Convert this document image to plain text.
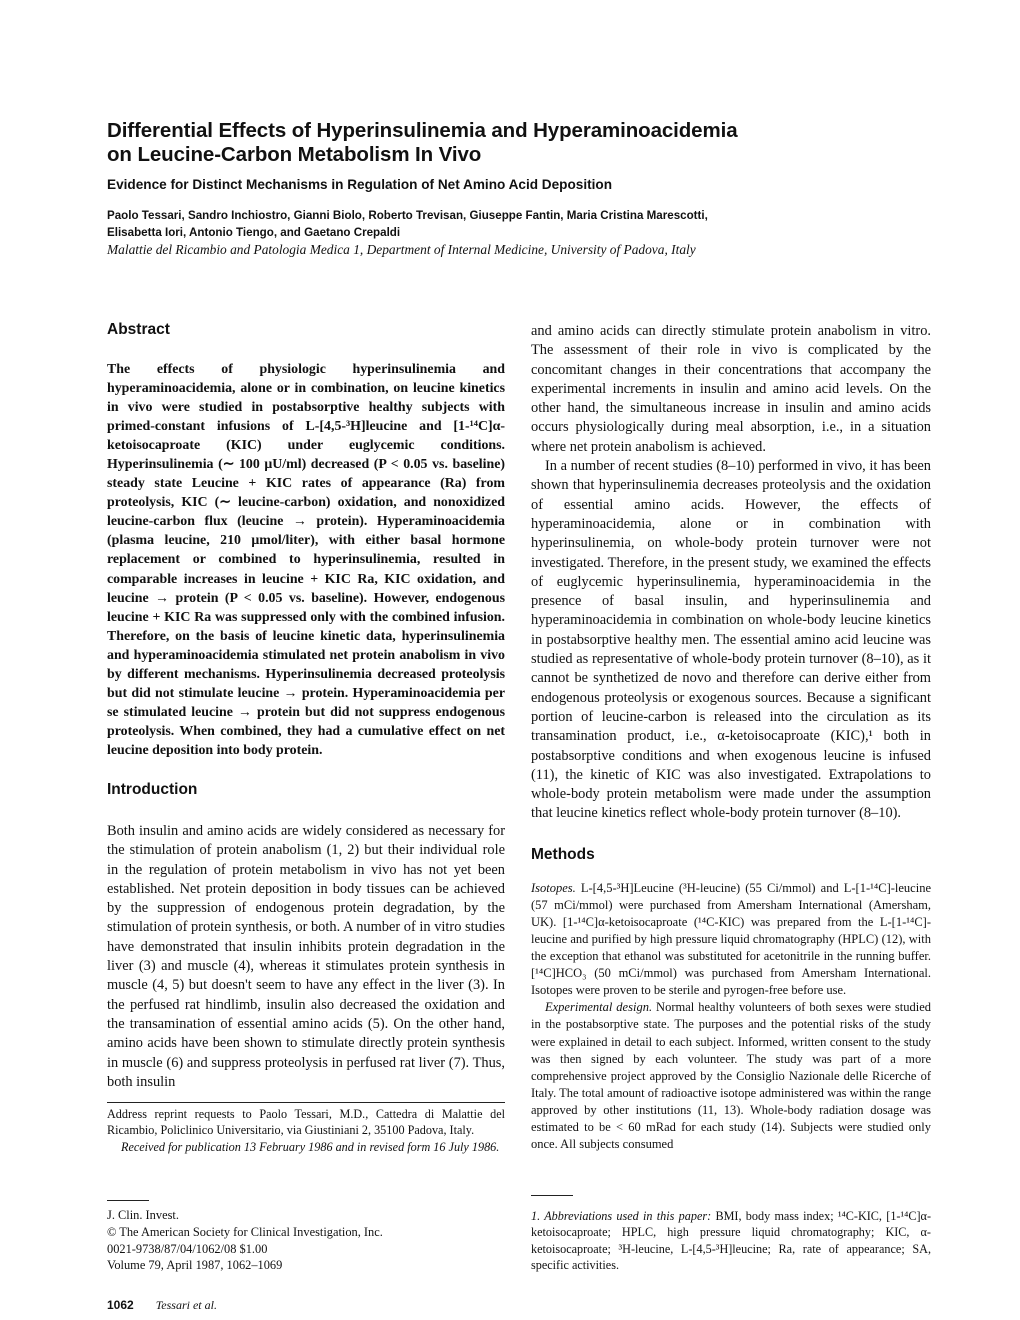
Differential Effects of Hyperinsulinemia and Hyperaminoacidemia
on Leucine-Carbon Metabolism In Vivo
Evidence for Distinct Mechanisms in Regulation of Net Amino Acid Deposition
Paolo Tessari, Sandro Inchiostro, Gianni Biolo, Roberto Trevisan, Giuseppe Fantin, Maria Cristina Marescotti,
Elisabetta Iori, Antonio Tiengo, and Gaetano Crepaldi
Malattie del Ricambio and Patologia Medica 1, Department of Internal Medicine, University of Padova, Italy
Abstract

The effects of physiologic hyperinsulinemia and hyperaminoacidemia, alone or in combination, on leucine kinetics in vivo were studied in postabsorptive healthy subjects with primed-constant infusions of L-[4,5-³H]leucine and [1-¹⁴C]α-ketoisocaproate (KIC) under euglycemic conditions. Hyperinsulinemia (∼ 100 μU/ml) decreased (P < 0.05 vs. baseline) steady state Leucine + KIC rates of appearance (Ra) from proteolysis, KIC (∼ leucine-carbon) oxidation, and nonoxidized leucine-carbon flux (leucine → protein). Hyperaminoacidemia (plasma leucine, 210 μmol/liter), with either basal hormone replacement or combined to hyperinsulinemia, resulted in comparable increases in leucine + KIC Ra, KIC oxidation, and leucine → protein (P < 0.05 vs. baseline). However, endogenous leucine + KIC Ra was suppressed only with the combined infusion. Therefore, on the basis of leucine kinetic data, hyperinsulinemia and hyperaminoacidemia stimulated net protein anabolism in vivo by different mechanisms. Hyperinsulinemia decreased proteolysis but did not stimulate leucine → protein. Hyperaminoacidemia per se stimulated leucine → protein but did not suppress endogenous proteolysis. When combined, they had a cumulative effect on net leucine deposition into body protein.

Introduction

Both insulin and amino acids are widely considered as necessary for the stimulation of protein anabolism (1, 2) but their individual role in the regulation of protein metabolism in vivo has not yet been established. Net protein deposition in body tissues can be achieved by the suppression of endogenous protein degradation, by the stimulation of protein synthesis, or both. A number of in vitro studies have demonstrated that insulin inhibits protein degradation in the liver (3) and muscle (4), whereas it stimulates protein synthesis in muscle (4, 5) but doesn't seem to have any effect in the liver (3). In the perfused rat hindlimb, insulin also decreased the oxidation and the transamination of essential amino acids (5). On the other hand, amino acids have been shown to stimulate directly protein synthesis in muscle (6) and suppress proteolysis in perfused rat liver (7). Thus, both insulin

Address reprint requests to Paolo Tessari, M.D., Cattedra di Malattie del Ricambio, Policlinico Universitario, via Giustiniani 2, 35100 Padova, Italy.

Received for publication 13 February 1986 and in revised form 16 July 1986.

J. Clin. Invest.
© The American Society for Clinical Investigation, Inc.
0021-9738/87/04/1062/08 $1.00
Volume 79, April 1987, 1062–1069
1062 Tessari et al.

and amino acids can directly stimulate protein anabolism in vitro. The assessment of their role in vivo is complicated by the concomitant changes in their concentrations that accompany the experimental increments in insulin and amino acid levels. On the other hand, the simultaneous increase in insulin and amino acids occurs physiologically during meal absorption, i.e., in a situation where net protein anabolism is achieved.

In a number of recent studies (8–10) performed in vivo, it has been shown that hyperinsulinemia decreases proteolysis and the oxidation of essential amino acids. However, the effects of hyperaminoacidemia, alone or in combination with hyperinsulinemia, on whole-body protein turnover were not investigated. Therefore, in the present study, we examined the effects of euglycemic hyperinsulinemia, hyperaminoacidemia in the presence of basal insulin, and hyperinsulinemia and hyperaminoacidemia in combination on whole-body leucine kinetics in postabsorptive healthy men. The essential amino acid leucine was studied as representative of whole-body protein turnover (8–10), as it cannot be synthetized de novo and therefore can derive either from endogenous proteolysis or exogenous sources. Because a significant portion of leucine-carbon is released into the circulation as its transamination product, i.e., α-ketoisocaproate (KIC),¹ both in postabsorptive conditions and when exogenous leucine is infused (11), the kinetic of KIC was also investigated. Extrapolations to whole-body protein metabolism were made under the assumption that leucine kinetics reflect whole-body protein turnover (8–10).

Methods

Isotopes. L-[4,5-³H]Leucine (³H-leucine) (55 Ci/mmol) and L-[1-¹⁴C]-leucine (57 mCi/mmol) were purchased from Amersham International (Amersham, UK). [1-¹⁴C]α-ketoisocaproate (¹⁴C-KIC) was prepared from the L-[1-¹⁴C]-leucine and purified by high pressure liquid chromatography (HPLC) (12), with the exception that ethanol was substituted for acetonitrile in the running buffer. [¹⁴C]HCO₃ (50 mCi/mmol) was purchased from Amersham International. Isotopes were proven to be sterile and pyrogen-free before use.

Experimental design. Normal healthy volunteers of both sexes were studied in the postabsorptive state. The purposes and the potential risks of the study were explained in detail to each subject. Informed, written consent to the study was then signed by each volunteer. The study was part of a more comprehensive project approved by the Consiglio Nazionale delle Ricerche of Italy. The total amount of radioactive isotope administered was within the range approved by other institutions (11, 13). Whole-body radiation dosage was estimated to be < 60 mRad for each study (14). Subjects were studied only once. All subjects consumed

1. Abbreviations used in this paper: BMI, body mass index; ¹⁴C-KIC, [1-¹⁴C]α-ketoisocaproate; HPLC, high pressure liquid chromatography; KIC, α-ketoisocaproate; ³H-leucine, L-[4,5-³H]leucine; Ra, rate of appearance; SA, specific activities.
